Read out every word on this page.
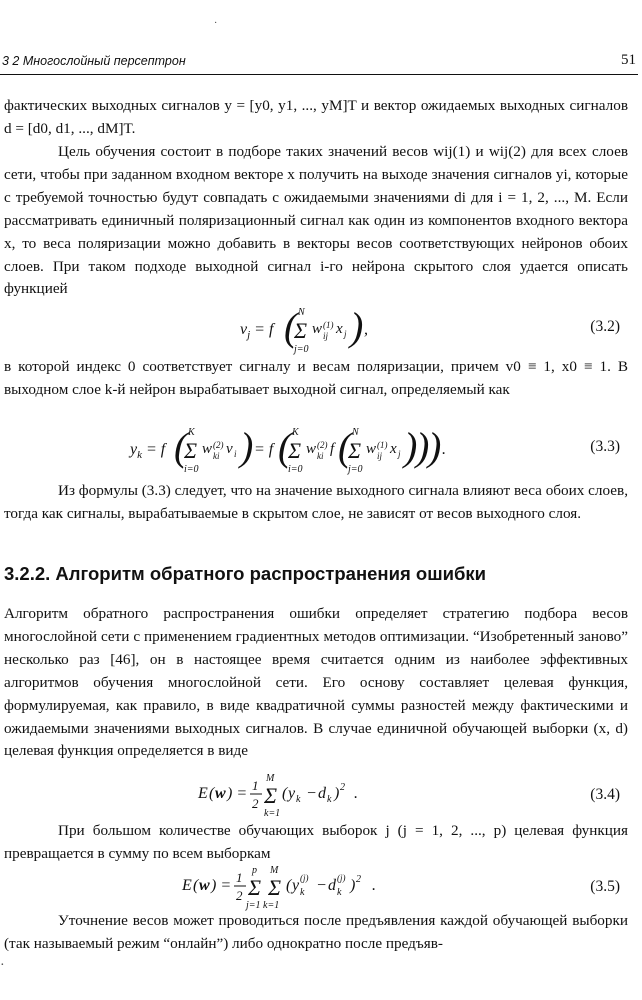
3 2 Многослойный персептрон	51

фактических выходных сигналов y = [y0, y1, ..., yM]T и вектор ожидаемых выходных сигналов d = [d0, d1, ..., dM]T.

Цель обучения состоит в подборе таких значений весов wij(1) и wij(2) для всех слоев сети, чтобы при заданном входном векторе x получить на выходе значения сигналов yi, которые с требуемой точностью будут совпадать с ожидаемыми значениями di для i = 1, 2, ..., M. Если рассматривать единичный поляризационный сигнал как один из компонентов входного вектора x, то веса поляризации можно добавить в векторы весов соответствующих нейронов обоих слоев. При таком подходе выходной сигнал i-го нейрона скрытого слоя удается описать функцией

$v_j = f$ ( N
Σ
j=0
w (1)
ij x j ) ,	(3.2)

в которой индекс 0 соответствует сигналу и весам поляризации, причем v0 ≡ 1, x0 ≡ 1. В выходном слое k-й нейрон вырабатывает выходной сигнал, определяемый как

$y_k = f$ ( K
Σ
i=0
w (2)
ki v i ) = f ( K
Σ
i=0
w (2)
ki f ( N
Σ
j=0
w (1)
ij x j )
)
) .	(3.3)

Из формулы (3.3) следует, что на значение выходного сигнала влияют веса обоих слоев, тогда как сигналы, вырабатываемые в скрытом слое, не зависят от весов выходного слоя.

3.2.2. Алгоритм обратного распространения ошибки

Алгоритм обратного распространения ошибки определяет стратегию подбора весов многослойной сети с применением градиентных методов оптимизации. “Изобретенный заново” несколько раз [46], он в настоящее время считается одним из наиболее эффективных алгоритмов обучения многослойной сети. Его основу составляет целевая функция, формулируемая, как правило, в виде квадратичной суммы разностей между фактическими и ожидаемыми значениями выходных сигналов. В случае единичной обучающей выборки (x, d) целевая функция определяется в виде

E ( w ) = 1
2
M
Σ
k=1
( y k − d k ) 2 .	(3.4)

При большом количестве обучающих выборок j (j = 1, 2, ..., p) целевая функция превращается в сумму по всем выборкам

E ( w ) = 1
2
p
Σ
M
Σ
j=1 k=1
( y (j)
k − d (j)
k ) 2 .	(3.5)

Уточнение весов может проводиться после предъявления каждой обучающей выборки (так называемый режим “онлайн”) либо однократно после предъяв-

·
·
